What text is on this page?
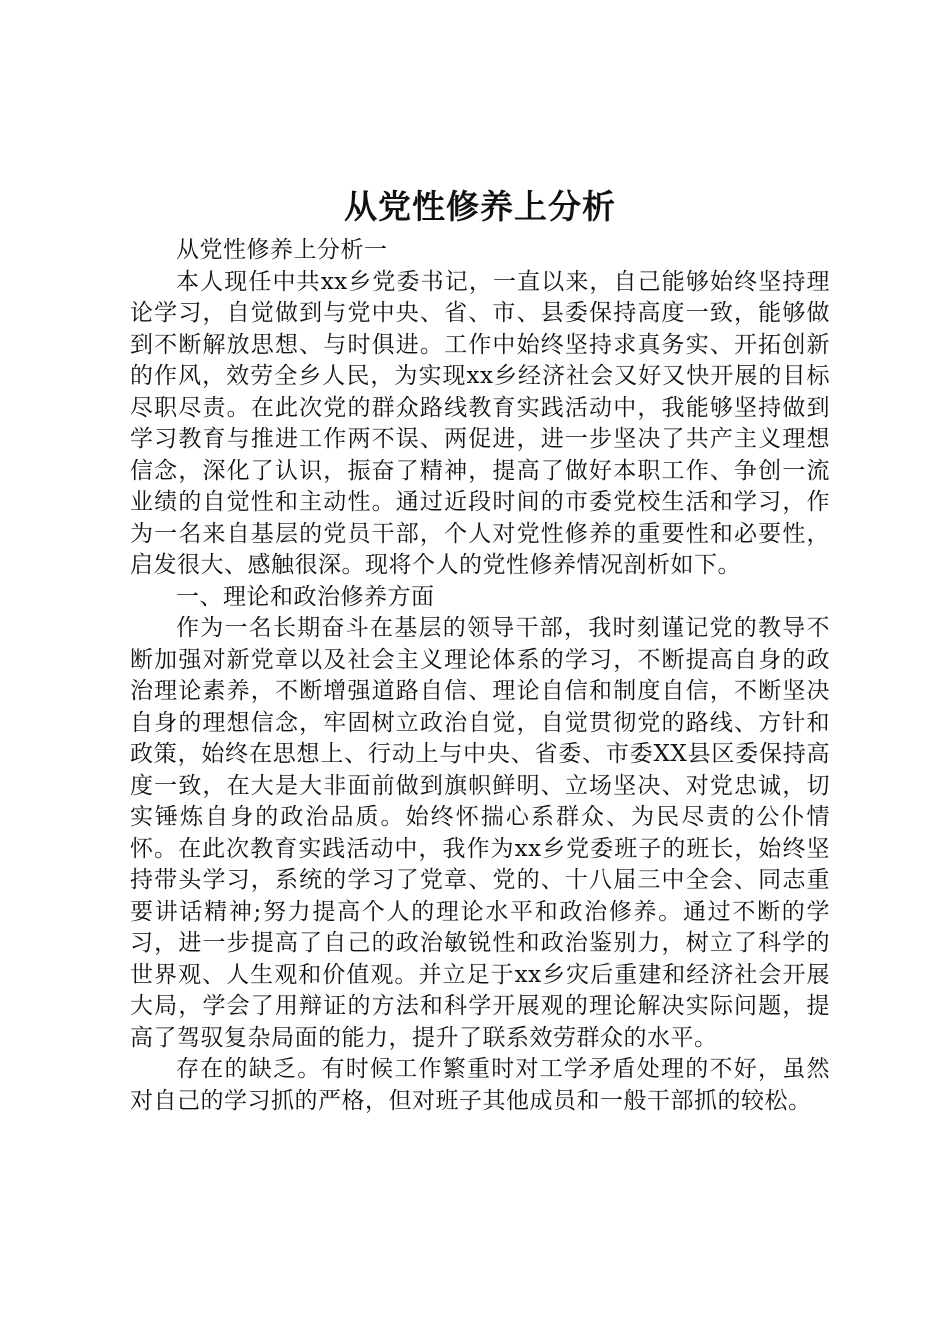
从党性修养上分析

从党性修养上分析一

本人现任中共xx乡党委书记，一直以来，自己能够始终坚持理论学习，自觉做到与党中央、省、市、县委保持高度一致，能够做到不断解放思想、与时俱进。工作中始终坚持求真务实、开拓创新的作风，效劳全乡人民，为实现xx乡经济社会又好又快开展的目标尽职尽责。在此次党的群众路线教育实践活动中，我能够坚持做到学习教育与推进工作两不误、两促进，进一步坚决了共产主义理想信念，深化了认识，振奋了精神，提高了做好本职工作、争创一流业绩的自觉性和主动性。通过近段时间的市委党校生活和学习，作为一名来自基层的党员干部，个人对党性修养的重要性和必要性，启发很大、感触很深。现将个人的党性修养情况剖析如下。

一、理论和政治修养方面

作为一名长期奋斗在基层的领导干部，我时刻谨记党的教导不断加强对新党章以及社会主义理论体系的学习，不断提高自身的政治理论素养，不断增强道路自信、理论自信和制度自信，不断坚决自身的理想信念，牢固树立政治自觉，自觉贯彻党的路线、方针和政策，始终在思想上、行动上与中央、省委、市委XX县区委保持高度一致，在大是大非面前做到旗帜鲜明、立场坚决、对党忠诚，切实锤炼自身的政治品质。始终怀揣心系群众、为民尽责的公仆情怀。在此次教育实践活动中，我作为xx乡党委班子的班长，始终坚持带头学习，系统的学习了党章、党的、十八届三中全会、同志重要讲话精神;努力提高个人的理论水平和政治修养。通过不断的学习，进一步提高了自己的政治敏锐性和政治鉴别力，树立了科学的世界观、人生观和价值观。并立足于xx乡灾后重建和经济社会开展大局，学会了用辩证的方法和科学开展观的理论解决实际问题，提高了驾驭复杂局面的能力，提升了联系效劳群众的水平。

存在的缺乏。有时候工作繁重时对工学矛盾处理的不好，虽然对自己的学习抓的严格，但对班子其他成员和一般干部抓的较松。
